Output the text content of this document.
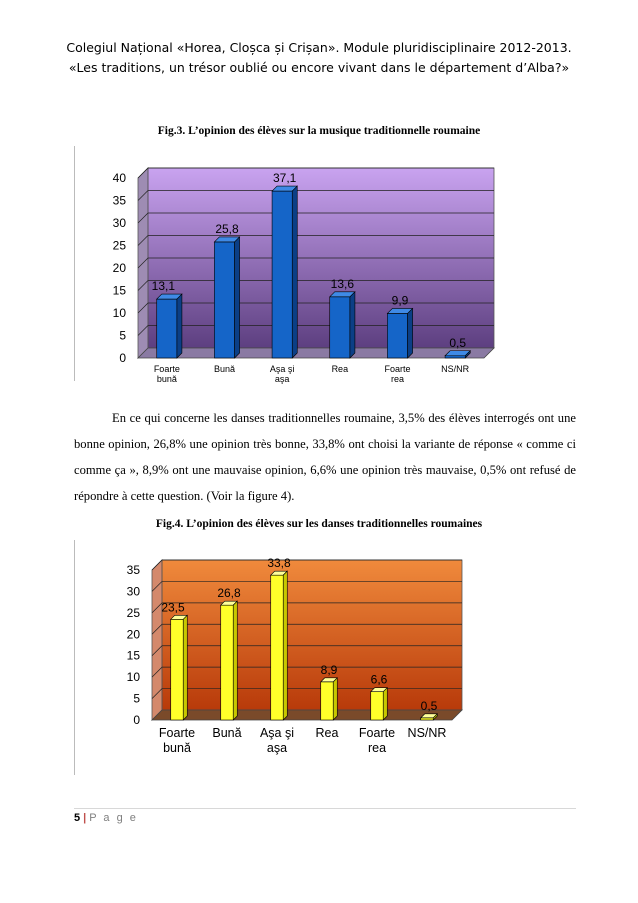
Colegiul Național «Horea, Cloșca și Crișan». Module pluridisciplinaire 2012-2013.
«Les traditions, un trésor oublié ou encore vivant dans le département d’Alba?»
Fig.3. L’opinion des élèves sur la musique traditionnelle roumaine
0
5
10
15
20
25
30
35
40
13,1
Foarte
bună
25,8
Bună
37,1
Aşa şi
aşa
13,6
Rea
9,9
Foarte
rea
0,5
NS/NR
En ce qui concerne les danses traditionnelles roumaine, 3,5% des élèves interrogés ont une bonne opinion, 26,8% une opinion très bonne, 33,8% ont choisi la variante de réponse « comme ci comme ça », 8,9% ont une mauvaise opinion, 6,6% une opinion très mauvaise, 0,5% ont refusé de répondre à cette question. (Voir la figure 4).
Fig.4. L’opinion des élèves sur les danses traditionnelles roumaines
0
5
10
15
20
25
30
35
23,5
Foarte
bună
26,8
Bună
33,8
Aşa şi
aşa
8,9
Rea
6,6
Foarte
rea
0,5
NS/NR
5 | P a g e
